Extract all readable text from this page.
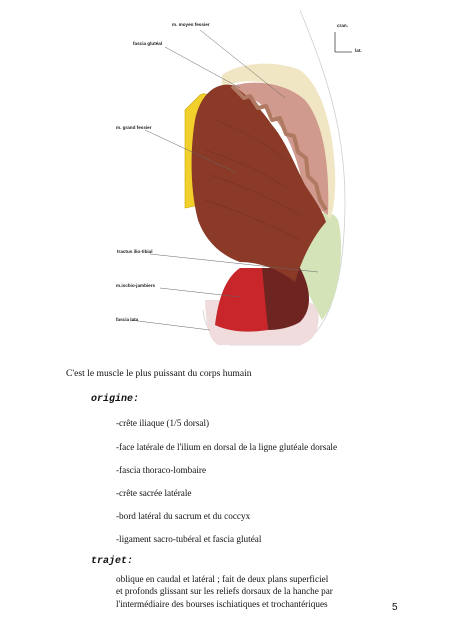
m. moyen fessier
fascia glutéal
m. grand fessier
tractus ilio-tibial
m.ischio-jambiers
fascia lata
cran.
lat.
C'est le muscle le plus puissant du corps humain
origine:
-crête iliaque (1/5 dorsal)
-face latérale de l'ilium en dorsal de la ligne glutéale dorsale
-fascia thoraco-lombaire
-crête sacrée latérale
-bord latéral du sacrum et du coccyx
-ligament sacro-tubéral et fascia glutéal
trajet:
oblique en caudal et latéral ; fait de deux plans superficiel
et profonds glissant sur les reliefs dorsaux de la hanche par
l'intermédiaire des bourses ischiatiques et trochantériques	5
